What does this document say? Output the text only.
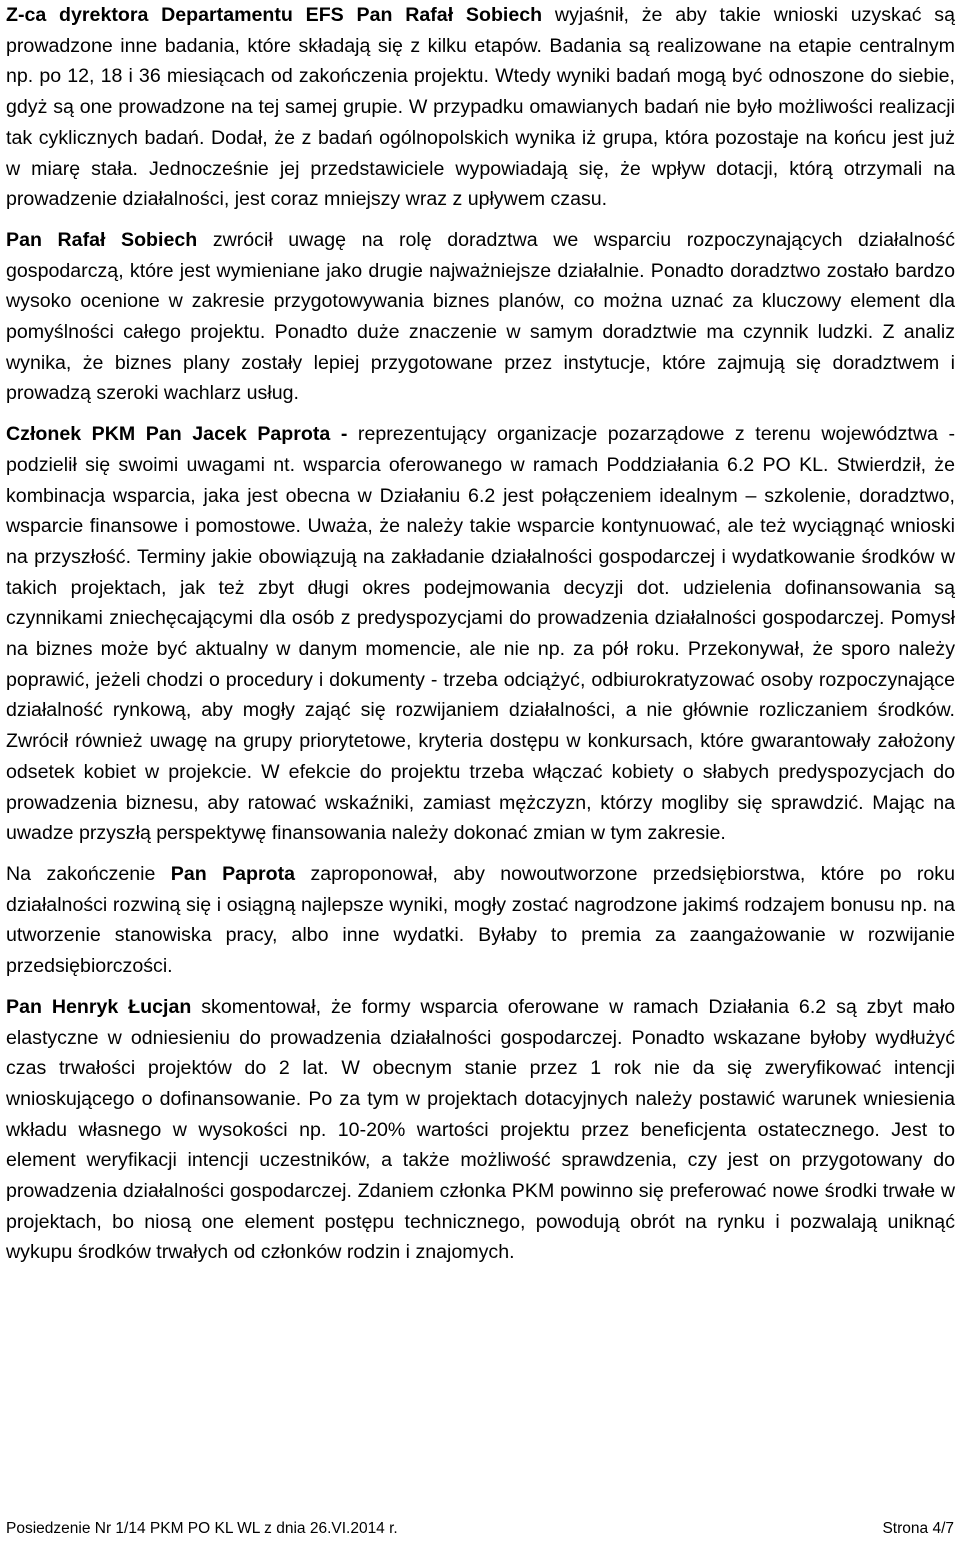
Z-ca dyrektora Departamentu EFS Pan Rafał Sobiech wyjaśnił, że aby takie wnioski uzyskać są prowadzone inne badania, które składają się z kilku etapów. Badania są realizowane na etapie centralnym np. po 12, 18 i 36 miesiącach od zakończenia projektu. Wtedy wyniki badań mogą być odnoszone do siebie, gdyż są one prowadzone na tej samej grupie. W przypadku omawianych badań nie było możliwości realizacji tak cyklicznych badań. Dodał, że z badań ogólnopolskich wynika iż grupa, która pozostaje na końcu jest już w miarę stała. Jednocześnie jej przedstawiciele wypowiadają się, że wpływ dotacji, którą otrzymali na prowadzenie działalności, jest coraz mniejszy wraz z upływem czasu.

Pan Rafał Sobiech zwrócił uwagę na rolę doradztwa we wsparciu rozpoczynających działalność gospodarczą, które jest wymieniane jako drugie najważniejsze działalnie. Ponadto doradztwo zostało bardzo wysoko ocenione w zakresie przygotowywania biznes planów, co można uznać za kluczowy element dla pomyślności całego projektu. Ponadto duże znaczenie w samym doradztwie ma czynnik ludzki. Z analiz wynika, że biznes plany zostały lepiej przygotowane przez instytucje, które zajmują się doradztwem i prowadzą szeroki wachlarz usług.

Członek PKM Pan Jacek Paprota - reprezentujący organizacje pozarządowe z terenu województwa - podzielił się swoimi uwagami nt. wsparcia oferowanego w ramach Poddziałania 6.2 PO KL. Stwierdził, że kombinacja wsparcia, jaka jest obecna w Działaniu 6.2 jest połączeniem idealnym – szkolenie, doradztwo, wsparcie finansowe i pomostowe. Uważa, że należy takie wsparcie kontynuować, ale też wyciągnąć wnioski na przyszłość. Terminy jakie obowiązują na zakładanie działalności gospodarczej i wydatkowanie środków w takich projektach, jak też zbyt długi okres podejmowania decyzji dot. udzielenia dofinansowania są czynnikami zniechęcającymi dla osób z predyspozycjami do prowadzenia działalności gospodarczej. Pomysł na biznes może być aktualny w danym momencie, ale nie np. za pół roku. Przekonywał, że sporo należy poprawić, jeżeli chodzi o procedury i dokumenty - trzeba odciążyć, odbiurokratyzować osoby rozpoczynające działalność rynkową, aby mogły zająć się rozwijaniem działalności, a nie głównie rozliczaniem środków. Zwrócił również uwagę na grupy priorytetowe, kryteria dostępu w konkursach, które gwarantowały założony odsetek kobiet w projekcie. W efekcie do projektu trzeba włączać kobiety o słabych predyspozycjach do prowadzenia biznesu, aby ratować wskaźniki, zamiast mężczyzn, którzy mogliby się sprawdzić. Mając na uwadze przyszłą perspektywę finansowania należy dokonać zmian w tym zakresie.

Na zakończenie Pan Paprota zaproponował, aby nowoutworzone przedsiębiorstwa, które po roku działalności rozwiną się i osiągną najlepsze wyniki, mogły zostać nagrodzone jakimś rodzajem bonusu np. na utworzenie stanowiska pracy, albo inne wydatki. Byłaby to premia za zaangażowanie w rozwijanie przedsiębiorczości.

Pan Henryk Łucjan skomentował, że formy wsparcia oferowane w ramach Działania 6.2 są zbyt mało elastyczne w odniesieniu do prowadzenia działalności gospodarczej. Ponadto wskazane byłoby wydłużyć czas trwałości projektów do 2 lat. W obecnym stanie przez 1 rok nie da się zweryfikować intencji wnioskującego o dofinansowanie. Po za tym w projektach dotacyjnych należy postawić warunek wniesienia wkładu własnego w wysokości np. 10-20% wartości projektu przez beneficjenta ostatecznego. Jest to element weryfikacji intencji uczestników, a także możliwość sprawdzenia, czy jest on przygotowany do prowadzenia działalności gospodarczej. Zdaniem członka PKM powinno się preferować nowe środki trwałe w projektach, bo niosą one element postępu technicznego, powodują obrót na rynku i pozwalają uniknąć wykupu środków trwałych od członków rodzin i znajomych.

Posiedzenie Nr 1/14 PKM PO KL WL z dnia 26.VI.2014 r.	Strona 4/7
